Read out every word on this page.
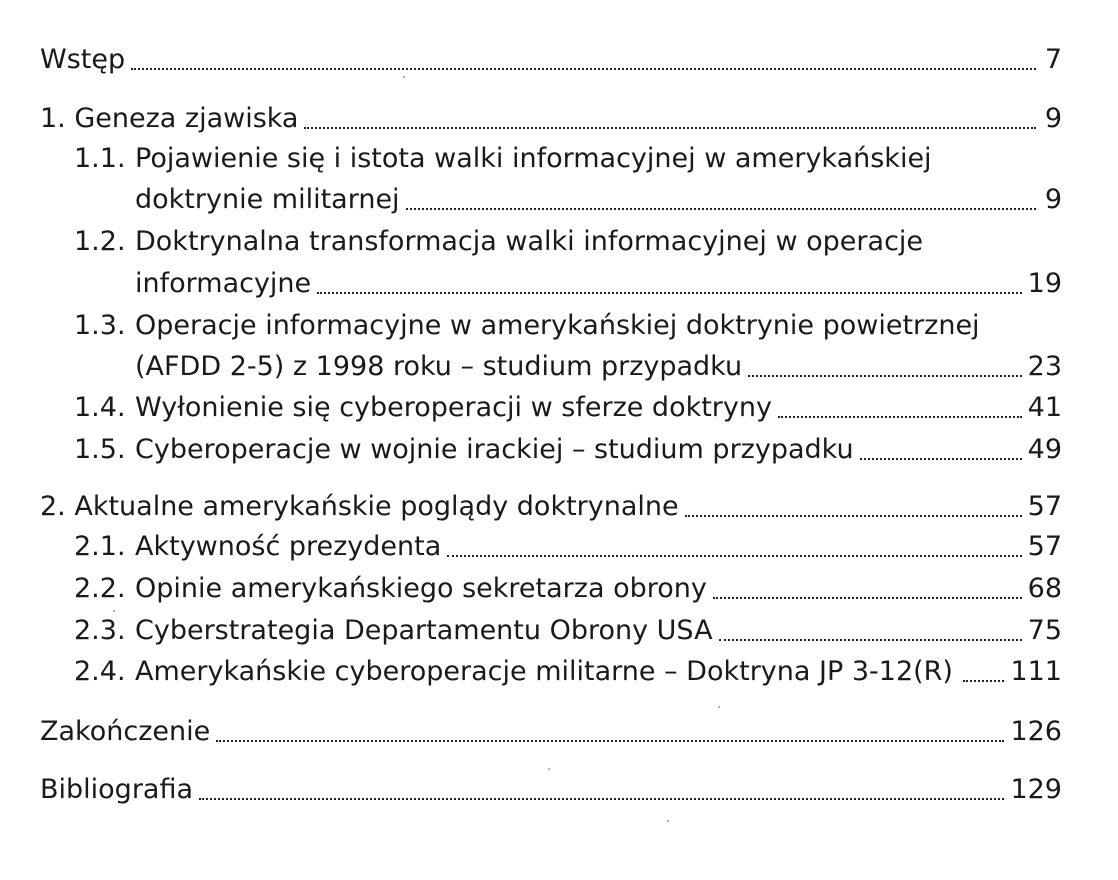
Wstęp	7
1. Geneza zjawiska	9
1.1. Pojawienie się i istota walki informacyjnej w amerykańskiej
doktrynie militarnej	9
1.2. Doktrynalna transformacja walki informacyjnej w operacje
informacyjne	19
1.3. Operacje informacyjne w amerykańskiej doktrynie powietrznej
(AFDD 2-5) z 1998 roku – studium przypadku	23
1.4. Wyłonienie się cyberoperacji w sferze doktryny	41
1.5. Cyberoperacje w wojnie irackiej – studium przypadku	49
2. Aktualne amerykańskie poglądy doktrynalne	57
2.1. Aktywność prezydenta	57
2.2. Opinie amerykańskiego sekretarza obrony	68
2.3. Cyberstrategia Departamentu Obrony USA	75
2.4. Amerykańskie cyberoperacje militarne – Doktryna JP 3-12(R) 111
Zakończenie	126
Bibliografia	129
